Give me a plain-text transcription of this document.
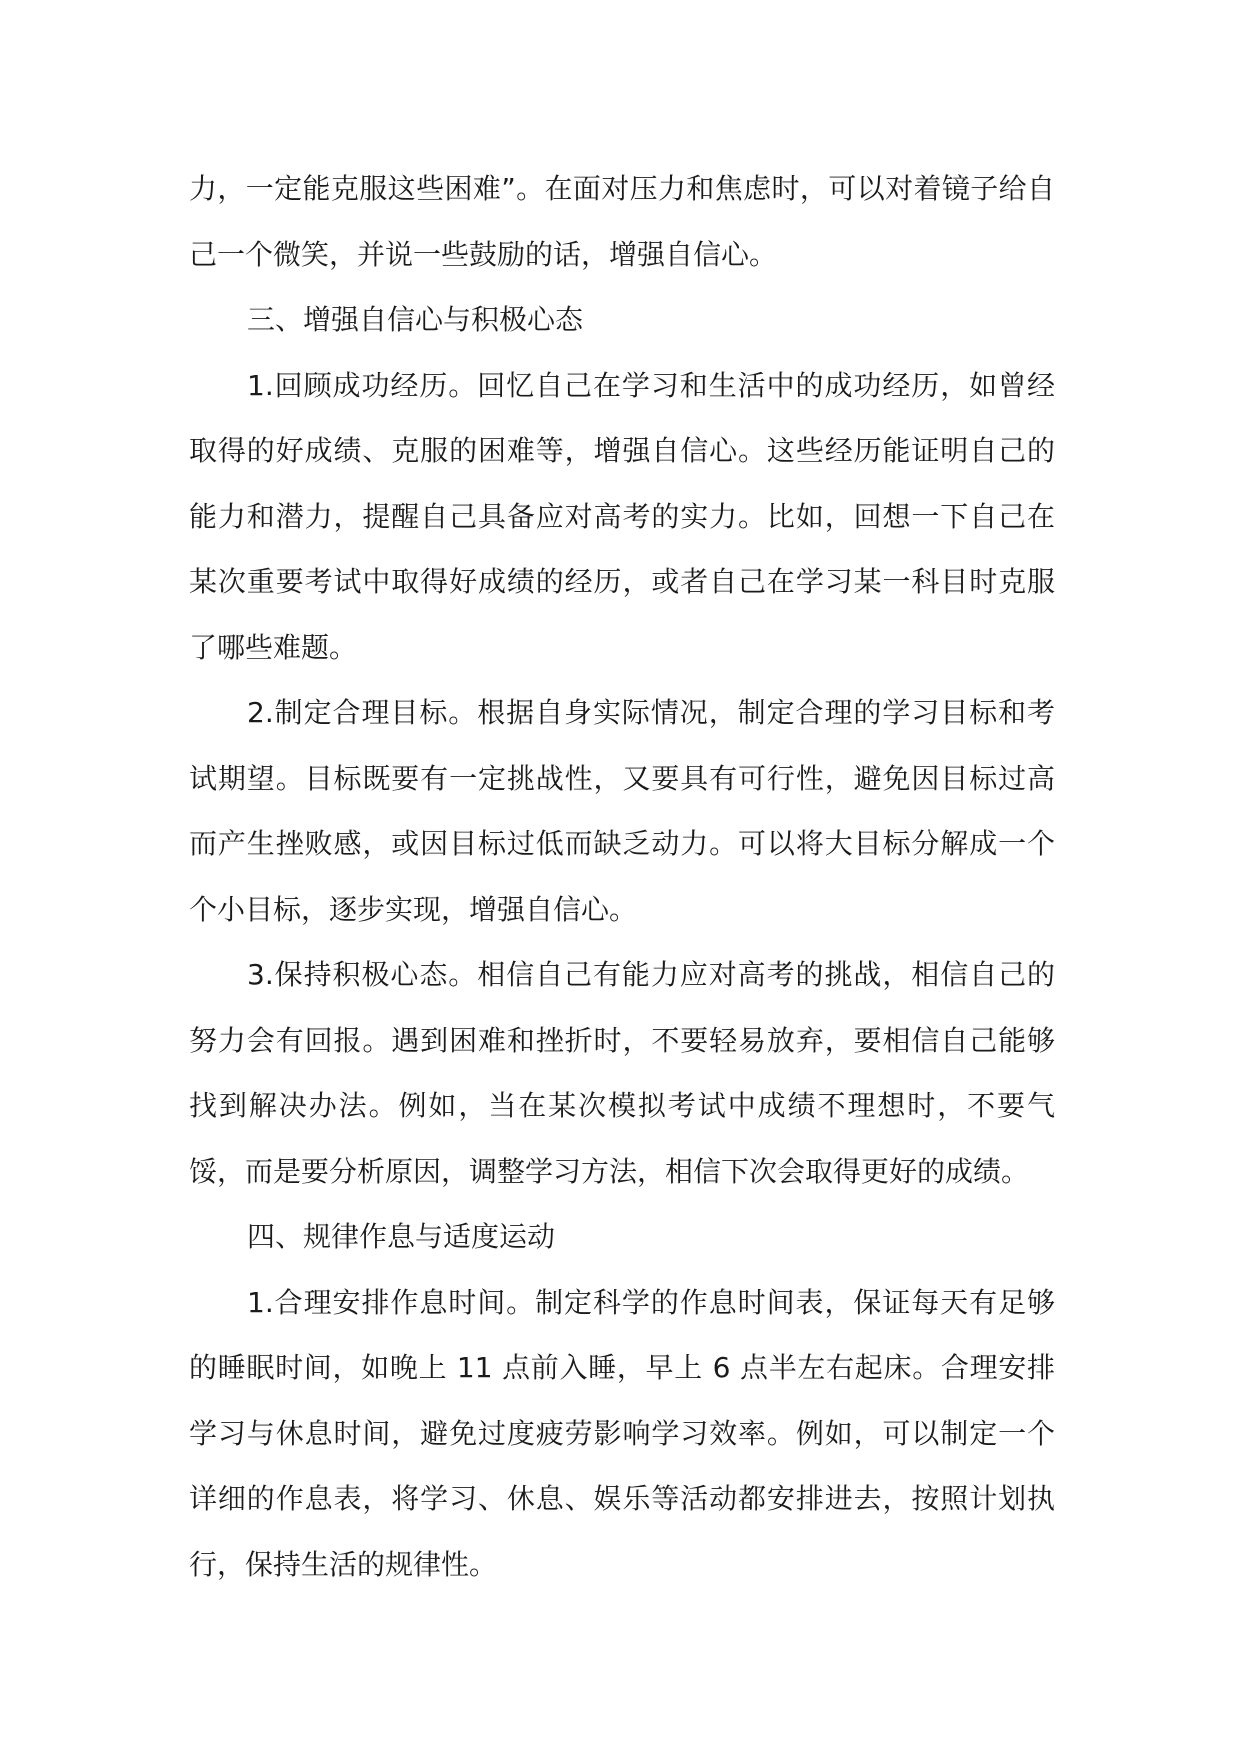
力，一定能克服这些困难”。在面对压力和焦虑时，可以对着镜子给自己一个微笑，并说一些鼓励的话，增强自信心。

三、增强自信心与积极心态

1.回顾成功经历。回忆自己在学习和生活中的成功经历，如曾经取得的好成绩、克服的困难等，增强自信心。这些经历能证明自己的能力和潜力，提醒自己具备应对高考的实力。比如，回想一下自己在某次重要考试中取得好成绩的经历，或者自己在学习某一科目时克服了哪些难题。

2.制定合理目标。根据自身实际情况，制定合理的学习目标和考试期望。目标既要有一定挑战性，又要具有可行性，避免因目标过高而产生挫败感，或因目标过低而缺乏动力。可以将大目标分解成一个个小目标，逐步实现，增强自信心。

3.保持积极心态。相信自己有能力应对高考的挑战，相信自己的努力会有回报。遇到困难和挫折时，不要轻易放弃，要相信自己能够找到解决办法。例如，当在某次模拟考试中成绩不理想时，不要气馁，而是要分析原因，调整学习方法，相信下次会取得更好的成绩。

四、规律作息与适度运动

1.合理安排作息时间。制定科学的作息时间表，保证每天有足够的睡眠时间，如晚上 11 点前入睡，早上 6 点半左右起床。合理安排学习与休息时间，避免过度疲劳影响学习效率。例如，可以制定一个详细的作息表，将学习、休息、娱乐等活动都安排进去，按照计划执行，保持生活的规律性。
